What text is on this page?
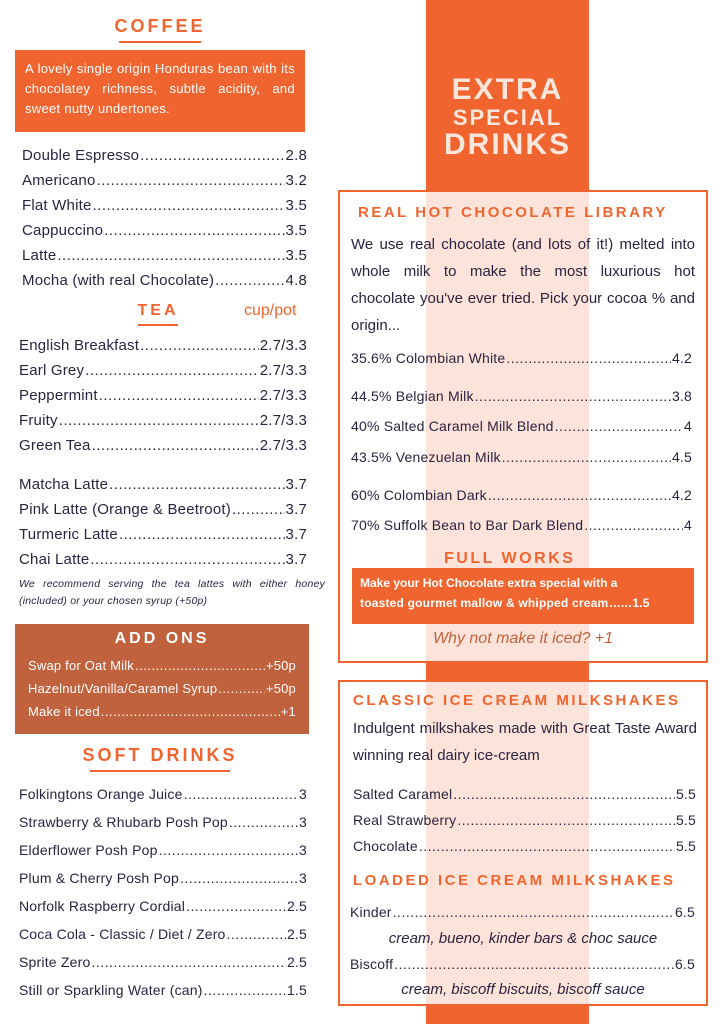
COFFEE
A lovely single origin Honduras bean with its chocolatey richness, subtle acidity, and sweet nutty undertones.
Double Espresso .....	2.8
Americano .....	3.2
Flat White .....	3.5
Cappuccino .....	3.5
Latte .....	3.5
Mocha (with real Chocolate) .....	4.8
TEA	cup/pot
English Breakfast .....	2.7/3.3
Earl Grey .....	2.7/3.3
Peppermint .....	2.7/3.3
Fruity .....	2.7/3.3
Green Tea .....	2.7/3.3
Matcha Latte .....	3.7
Pink Latte (Orange & Beetroot) .....	3.7
Turmeric Latte .....	3.7
Chai Latte .....	3.7
We recommend serving the tea lattes with either honey (included) or your chosen syrup (+50p)
ADD ONS
Swap for Oat Milk .....	+50p
Hazelnut/Vanilla/Caramel Syrup .....	+50p
Make it iced .....	+1
SOFT DRINKS
Folkingtons Orange Juice .....	3
Strawberry & Rhubarb Posh Pop .....	3
Elderflower Posh Pop .....	3
Plum & Cherry Posh Pop .....	3
Norfolk Raspberry Cordial .....	2.5
Coca Cola - Classic / Diet / Zero .....	2.5
Sprite Zero .....	2.5
Still or Sparkling Water (can) .....	1.5
EXTRA
SPECIAL
DRINKS
REAL HOT CHOCOLATE LIBRARY
We use real chocolate (and lots of it!) melted into whole milk to make the most luxurious hot chocolate you've ever tried. Pick your cocoa % and origin...
35.6% Colombian White .....	4.2
44.5% Belgian Milk .....	3.8
40% Salted Caramel Milk Blend .....	4
43.5% Venezuelan Milk .....	4.5
60% Colombian Dark .....	4.2
70% Suffolk Bean to Bar Dark Blend .....	4
FULL WORKS
Make your Hot Chocolate extra special with a
toasted gourmet mallow & whipped cream ..... 1.5
Why not make it iced? +1
CLASSIC ICE CREAM MILKSHAKES
Indulgent milkshakes made with Great Taste Award winning real dairy ice-cream
Salted Caramel .....	5.5
Real Strawberry .....	5.5
Chocolate .....	5.5
LOADED ICE CREAM MILKSHAKES
Kinder .....	6.5
cream, bueno, kinder bars & choc sauce
Biscoff .....	6.5
cream, biscoff biscuits, biscoff sauce
